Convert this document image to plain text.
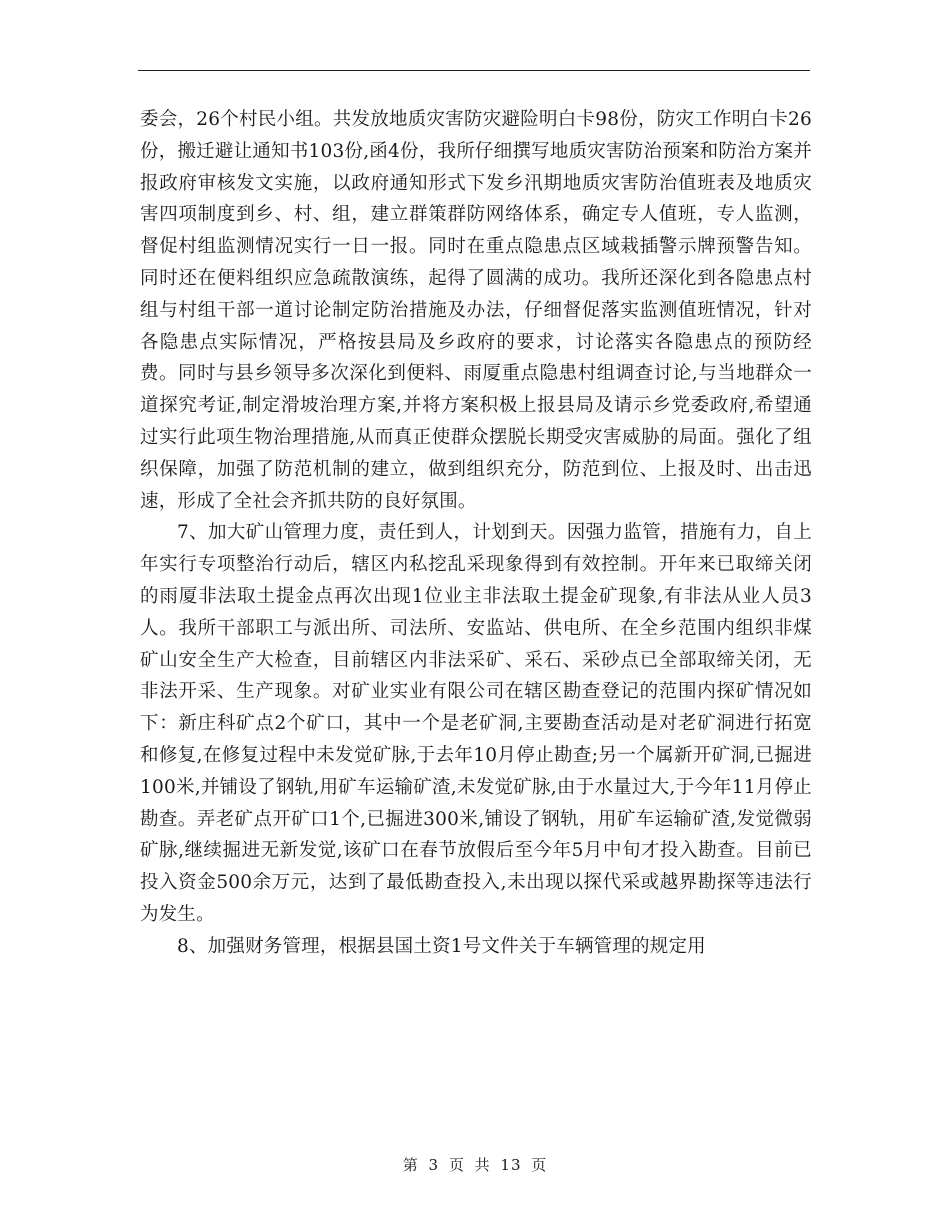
委会，26个村民小组。共发放地质灾害防灾避险明白卡98份，防灾工作明白卡26份，搬迁避让通知书103份,函4份，我所仔细撰写地质灾害防治预案和防治方案并报政府审核发文实施，以政府通知形式下发乡汛期地质灾害防治值班表及地质灾害四项制度到乡、村、组，建立群策群防网络体系，确定专人值班，专人监测，督促村组监测情况实行一日一报。同时在重点隐患点区域栽插警示牌预警告知。同时还在便料组织应急疏散演练，起得了圆满的成功。我所还深化到各隐患点村组与村组干部一道讨论制定防治措施及办法，仔细督促落实监测值班情况，针对各隐患点实际情况，严格按县局及乡政府的要求，讨论落实各隐患点的预防经费。同时与县乡领导多次深化到便料、雨厦重点隐患村组调查讨论,与当地群众一道探究考证,制定滑坡治理方案,并将方案积极上报县局及请示乡党委政府,希望通过实行此项生物治理措施,从而真正使群众摆脱长期受灾害威胁的局面。强化了组织保障，加强了防范机制的建立，做到组织充分，防范到位、上报及时、出击迅速，形成了全社会齐抓共防的良好氛围。

7、加大矿山管理力度，责任到人，计划到天。因强力监管，措施有力，自上年实行专项整治行动后，辖区内私挖乱采现象得到有效控制。开年来已取缔关闭的雨厦非法取土提金点再次出现1位业主非法取土提金矿现象,有非法从业人员3人。我所干部职工与派出所、司法所、安监站、供电所、在全乡范围内组织非煤矿山安全生产大检查，目前辖区内非法采矿、采石、采砂点已全部取缔关闭，无非法开采、生产现象。对矿业实业有限公司在辖区勘查登记的范围内探矿情况如下：新庄科矿点2个矿口，其中一个是老矿洞,主要勘查活动是对老矿洞进行拓宽和修复,在修复过程中未发觉矿脉,于去年10月停止勘查;另一个属新开矿洞,已掘进100米,并铺设了钢轨,用矿车运输矿渣,未发觉矿脉,由于水量过大,于今年11月停止勘查。弄老矿点开矿口1个,已掘进300米,铺设了钢轨，用矿车运输矿渣,发觉微弱矿脉,继续掘进无新发觉,该矿口在春节放假后至今年5月中旬才投入勘查。目前已投入资金500余万元，达到了最低勘查投入,未出现以探代采或越界勘探等违法行为发生。

8、加强财务管理，根据县国土资1号文件关于车辆管理的规定用

第 3 页 共 13 页
